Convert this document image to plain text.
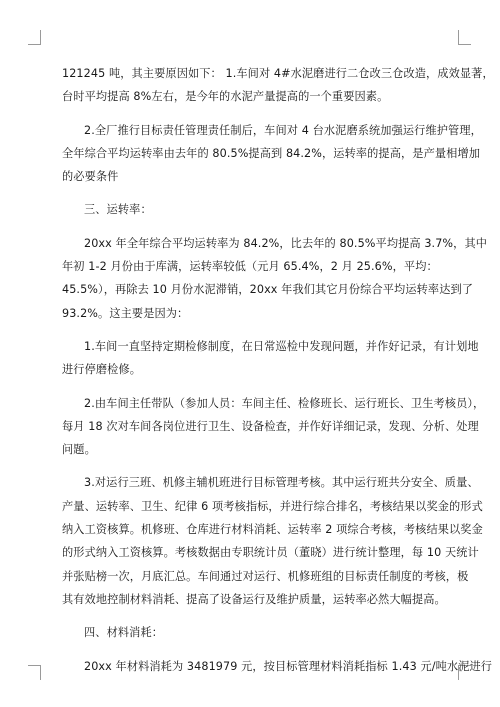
121245 吨，其主要原因如下： 1.车间对 4#水泥磨进行二仓改三仓改造，成效显著，
台时平均提高 8%左右，是今年的水泥产量提高的一个重要因素。
2.全厂推行目标责任管理责任制后，车间对 4 台水泥磨系统加强运行维护管理，
全年综合平均运转率由去年的 80.5%提高到 84.2%，运转率的提高，是产量相增加
的必要条件
三、运转率：
20xx 年全年综合平均运转率为 84.2%，比去年的 80.5%平均提高 3.7%，其中
年初 1-2 月份由于库满，运转率较低（元月 65.4%，2 月 25.6%，平均：
45.5%），再除去 10 月份水泥滞销，20xx 年我们其它月份综合平均运转率达到了
93.2%。这主要是因为：
1.车间一直坚持定期检修制度，在日常巡检中发现问题，并作好记录，有计划地
进行停磨检修。
2.由车间主任带队（参加人员：车间主任、检修班长、运行班长、卫生考核员），
每月 18 次对车间各岗位进行卫生、设备检查，并作好详细记录，发现、分析、处理
问题。
3.对运行三班、机修主辅机班进行目标管理考核。其中运行班共分安全、质量、
产量、运转率、卫生、纪律 6 项考核指标，并进行综合排名，考核结果以奖金的形式
纳入工资核算。机修班、仓库进行材料消耗、运转率 2 项综合考核，考核结果以奖金
的形式纳入工资核算。考核数据由专职统计员（董晓）进行统计整理，每 10 天统计
并张贴榜一次，月底汇总。车间通过对运行、机修班组的目标责任制度的考核，极
其有效地控制材料消耗、提高了设备运行及维护质量，运转率必然大幅提高。
四、材料消耗：
20xx 年材料消耗为 3481979 元，按目标管理材料消耗指标 1.43 元/吨水泥进行
